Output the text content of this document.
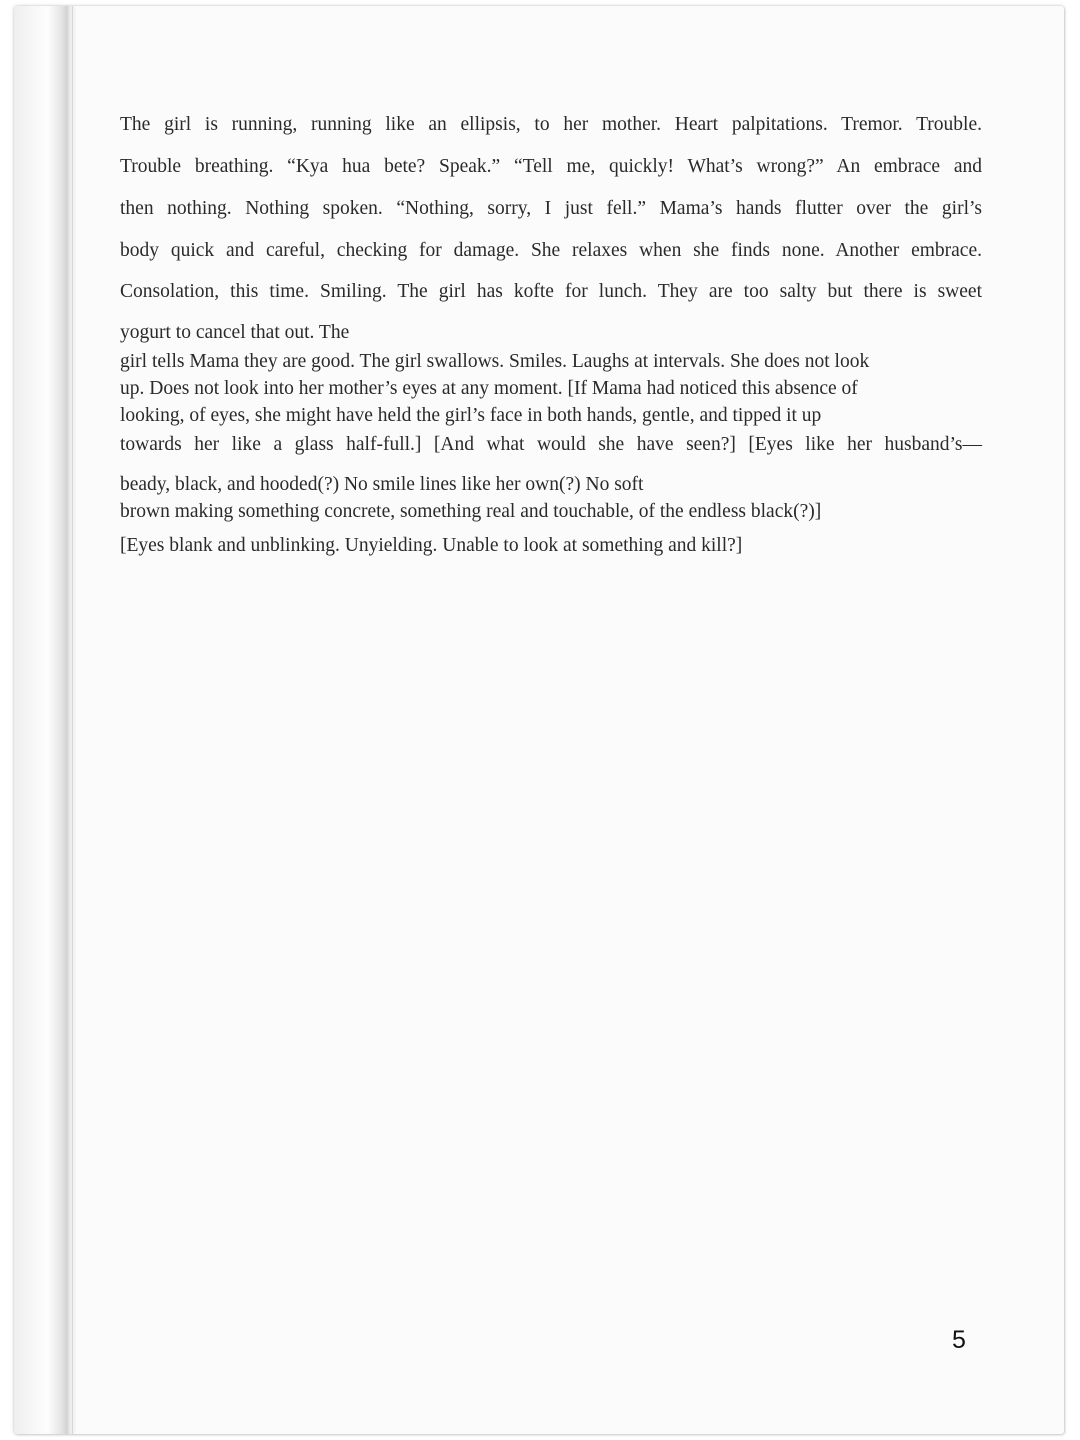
The girl is running, running like an ellipsis, to her mother. Heart palpitations. Tremor. Trouble.
Trouble breathing. “Kya hua bete? Speak.” “Tell me, quickly! What’s wrong?” An embrace and
then nothing. Nothing spoken. “Nothing, sorry, I just fell.” Mama’s hands flutter over the girl’s
body quick and careful, checking for damage. She relaxes when she finds none. Another embrace.
Consolation, this time. Smiling. The girl has kofte for lunch. They are too salty but there is sweet
yogurt to cancel that out. The
girl tells Mama they are good. The girl swallows. Smiles. Laughs at intervals. She does not look
up. Does not look into her mother’s eyes at any moment. [If Mama had noticed this absence of
looking, of eyes, she might have held the girl’s face in both hands, gentle, and tipped it up
towards her like a glass half-full.] [And what would she have seen?] [Eyes like her husband’s—
beady, black, and hooded(?) No smile lines like her own(?) No soft
brown making something concrete, something real and touchable, of the endless black(?)]
[Eyes blank and unblinking. Unyielding. Unable to look at something and kill?]
5
